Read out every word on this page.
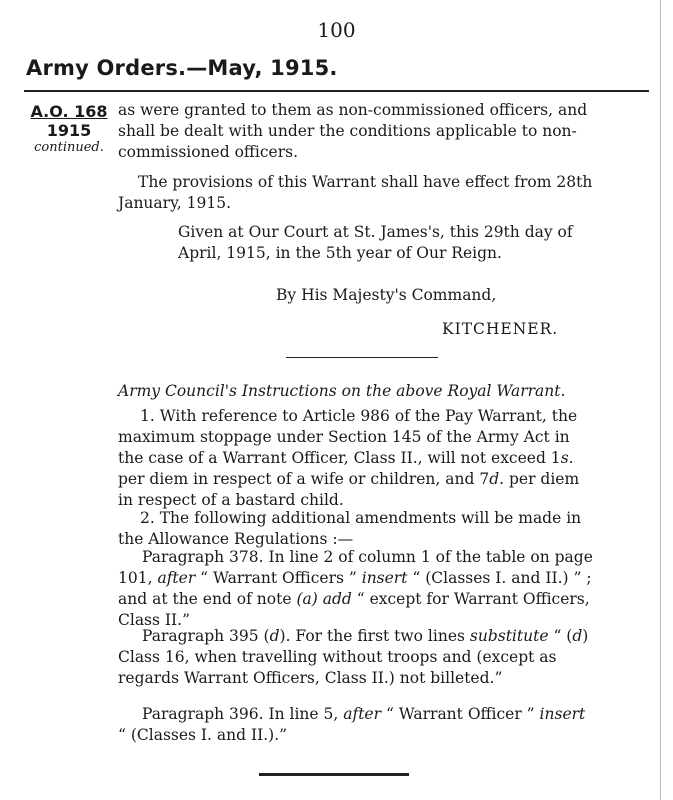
100
Army Orders.—May, 1915.
A.O. 168
1915
continued.
as were granted to them as non-commissioned officers, and shall be dealt with under the conditions applicable to non-commissioned officers.
The provisions of this Warrant shall have effect from 28th January, 1915.
Given at Our Court at St. James's, this 29th day of April, 1915, in the 5th year of Our Reign.
By His Majesty's Command,
KITCHENER.
Army Council's Instructions on the above Royal Warrant.
1. With reference to Article 986 of the Pay Warrant, the maximum stoppage under Section 145 of the Army Act in the case of a Warrant Officer, Class II., will not exceed 1s. per diem in respect of a wife or children, and 7d. per diem in respect of a bastard child.
2. The following additional amendments will be made in the Allowance Regulations :—
Paragraph 378. In line 2 of column 1 of the table on page 101, after “ Warrant Officers ” insert “ (Classes I. and II.) ” ; and at the end of note (a) add “ except for Warrant Officers, Class II.”
Paragraph 395 (d). For the first two lines substitute “ (d) Class 16, when travelling without troops and (except as regards Warrant Officers, Class II.) not billeted.”
Paragraph 396. In line 5, after “ Warrant Officer ” insert “ (Classes I. and II.).”
